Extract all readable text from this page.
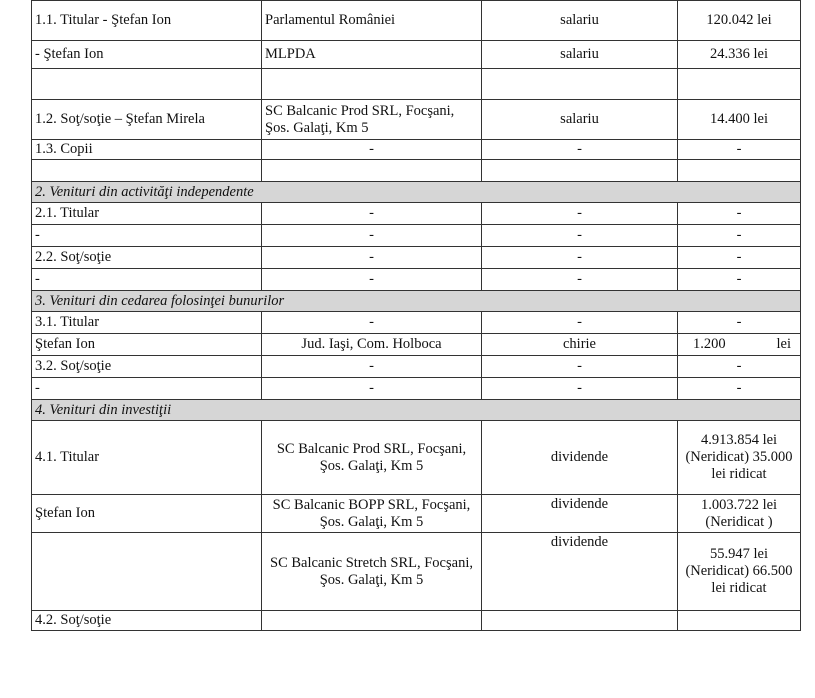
1.1. Titular - Ştefan Ion	Parlamentul României	salariu	120.042 lei
- Ştefan Ion	MLPDA	salariu	24.336 lei

1.2. Soţ/soţie – Ştefan Mirela	SC Balcanic Prod SRL, Focşani, Şos. Galaţi, Km 5	salariu	14.400 lei
1.3. Copii	-	-	-

2. Venituri din activităţi independente			
2.1. Titular	-	-	-
-	-	-	-
2.2. Soţ/soţie	-	-	-
-	-	-	-
3. Venituri din cedarea folosinţei bunurilor			
3.1. Titular	-	-	-
Ştefan Ion	Jud. Iaşi, Com. Holboca	chirie	1.200 lei

3.2. Soţ/soţie	-	-	-
-	-	-	-
4. Venituri din investiţii			
4.1. Titular	SC Balcanic Prod SRL, Focşani, Şos. Galaţi, Km 5	dividende	4.913.854 lei (Neridicat) 35.000 lei ridicat
Ştefan Ion	SC Balcanic BOPP SRL, Focşani, Şos. Galaţi, Km 5	dividende	1.003.722 lei (Neridicat )
	SC Balcanic Stretch SRL, Focşani, Şos. Galaţi, Km 5	dividende	55.947 lei (Neridicat) 66.500 lei ridicat
4.2. Soţ/soţie			
